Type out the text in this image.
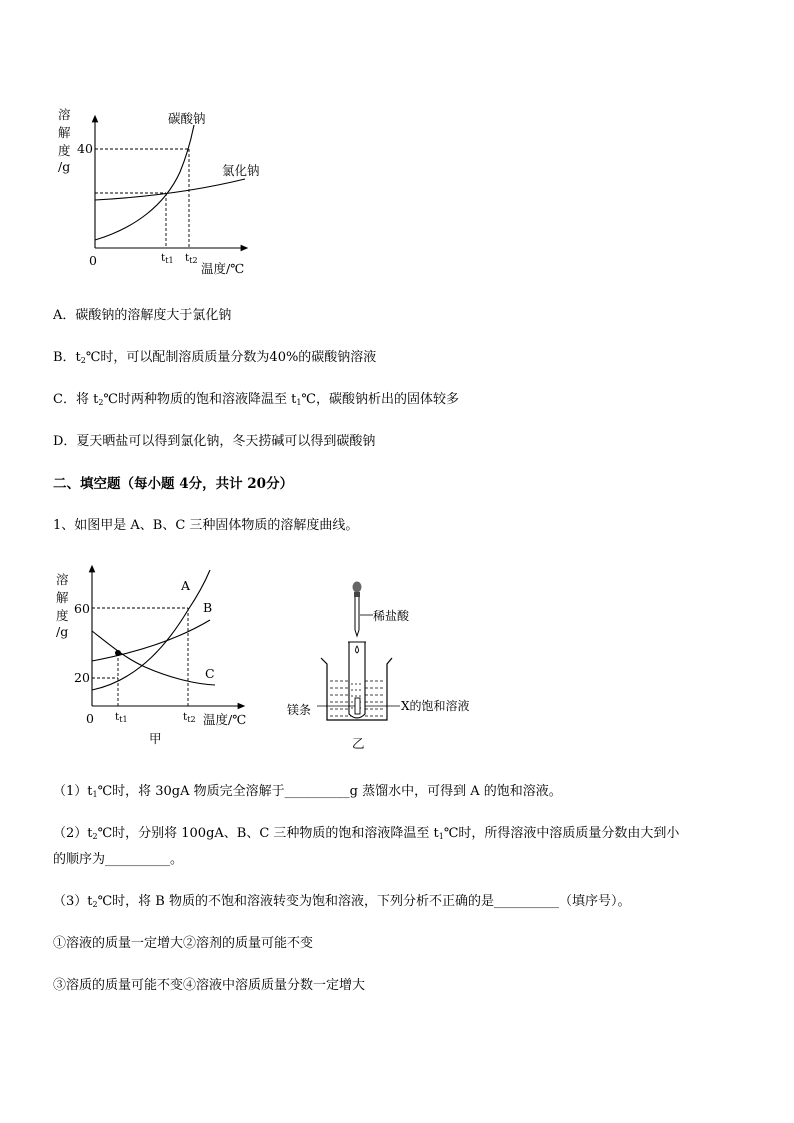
溶
解
度
/g
40
0	$t_{t1}$ $t_{t2}$
温度/℃
碳酸钠
氯化钠
A．碳酸钠的溶解度大于氯化钠
B．$t_2℃$时，可以配制溶质质量分数为40%的碳酸钠溶液
C．将 $t_2℃$时两种物质的饱和溶液降温至 $t_1℃$，碳酸钠析出的固体较多
D．夏天晒盐可以得到氯化钠，冬天捞碱可以得到碳酸钠
二、填空题（每小题 4分，共计 20分）
1、如图甲是 A、B、C 三种固体物质的溶解度曲线。
溶
解
度
/g
60
20
0 $t_{t1}$	$t_{t2}$ 温度/℃
A
B
C
甲
稀盐酸
镁条	X的饱和溶液
乙
$(1)t_1℃$时，将 30gA 物质完全溶解于__________g 蒸馏水中，可得到 A 的饱和溶液。
$(2)t_2℃$时，分别将 100gA、B、C 三种物质的饱和溶液降温至 $t_1℃$时，所得溶液中溶质质量分数由大到小
的顺序为__________。
$(3)t_2℃$时，将 B 物质的不饱和溶液转变为饱和溶液，下列分析不正确的是__________（填序号）。
①溶液的质量一定增大②溶剂的质量可能不变
③溶质的质量可能不变④溶液中溶质质量分数一定增大
